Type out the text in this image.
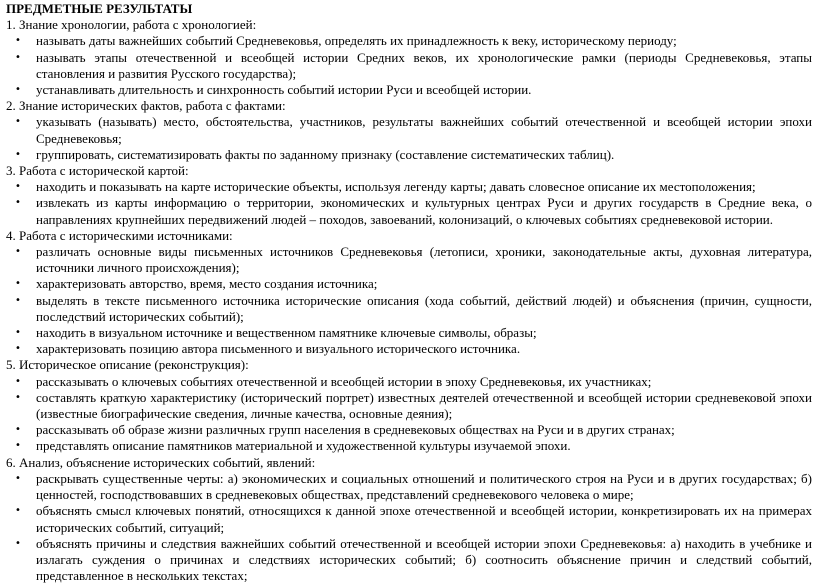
ПРЕДМЕТНЫЕ РЕЗУЛЬТАТЫ
1. Знание хронологии, работа с хронологией:
• называть даты важнейших событий Средневековья, определять их принадлежность к веку, историческому периоду;
• называть этапы отечественной и всеобщей истории Средних веков, их хронологические рамки (периоды Средневековья, этапы становления и развития Русского государства);
• устанавливать длительность и синхронность событий истории Руси и всеобщей истории.
2. Знание исторических фактов, работа с фактами:
• указывать (называть) место, обстоятельства, участников, результаты важнейших событий отечественной и всеобщей истории эпохи Средневековья;
• группировать, систематизировать факты по заданному признаку (составление систематических таблиц).
3. Работа с исторической картой:
• находить и показывать на карте исторические объекты, используя легенду карты; давать словесное описание их местоположения;
• извлекать из карты информацию о территории, экономических и культурных центрах Руси и других государств в Средние века, о направлениях крупнейших передвижений людей – походов, завоеваний, колонизаций, о ключевых событиях средневековой истории.
4. Работа с историческими источниками:
• различать основные виды письменных источников Средневековья (летописи, хроники, законодательные акты, духовная литература, источники личного происхождения);
• характеризовать авторство, время, место создания источника;
• выделять в тексте письменного источника исторические описания (хода событий, действий людей) и объяснения (причин, сущности, последствий исторических событий);
• находить в визуальном источнике и вещественном памятнике ключевые символы, образы;
• характеризовать позицию автора письменного и визуального исторического источника.
5. Историческое описание (реконструкция):
• рассказывать о ключевых событиях отечественной и всеобщей истории в эпоху Средневековья, их участниках;
• составлять краткую характеристику (исторический портрет) известных деятелей отечественной и всеобщей истории средневековой эпохи (известные биографические сведения, личные качества, основные деяния);
• рассказывать об образе жизни различных групп населения в средневековых обществах на Руси и в других странах;
• представлять описание памятников материальной и художественной культуры изучаемой эпохи.
6. Анализ, объяснение исторических событий, явлений:
• раскрывать существенные черты: а) экономических и социальных отношений и политического строя на Руси и в других государствах; б) ценностей, господствовавших в средневековых обществах, представлений средневекового человека о мире;
• объяснять смысл ключевых понятий, относящихся к данной эпохе отечественной и всеобщей истории, конкретизировать их на примерах исторических событий, ситуаций;
• объяснять причины и следствия важнейших событий отечественной и всеобщей истории эпохи Средневековья: а) находить в учебнике и излагать суждения о причинах и следствиях исторических событий; б) соотносить объяснение причин и следствий событий, представленное в нескольких текстах;
